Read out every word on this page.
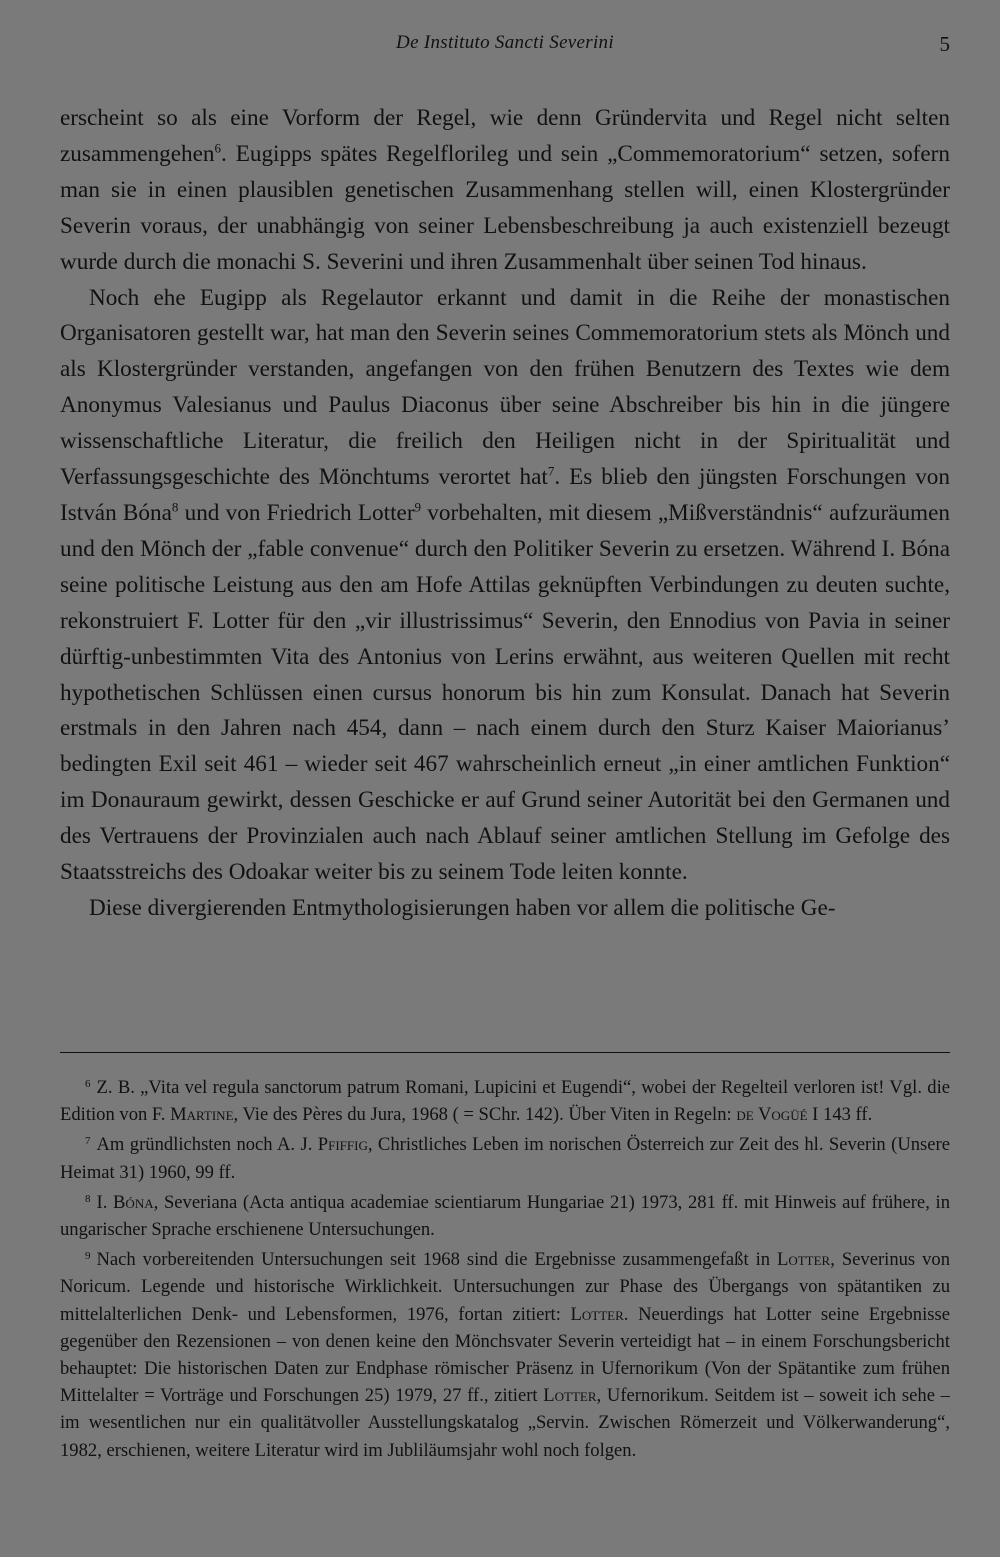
De Instituto Sancti Severini	5

erscheint so als eine Vorform der Regel, wie denn Gründervita und Regel nicht selten zusammengehen$^6$. Eugipps spätes Regelflorileg und sein „Commemoratorium“ setzen, sofern man sie in einen plausiblen genetischen Zusammenhang stellen will, einen Klostergründer Severin voraus, der unabhängig von seiner Lebensbeschreibung ja auch existenziell bezeugt wurde durch die monachi S. Severini und ihren Zusammenhalt über seinen Tod hinaus.

Noch ehe Eugipp als Regelautor erkannt und damit in die Reihe der monastischen Organisatoren gestellt war, hat man den Severin seines Commemoratorium stets als Mönch und als Klostergründer verstanden, angefangen von den frühen Benutzern des Textes wie dem Anonymus Valesianus und Paulus Diaconus über seine Abschreiber bis hin in die jüngere wissenschaftliche Literatur, die freilich den Heiligen nicht in der Spiritualität und Verfassungsgeschichte des Mönchtums verortet hat$^7$. Es blieb den jüngsten Forschungen von István Bóna$^8$ und von Friedrich Lotter$^9$ vorbehalten, mit diesem „Mißverständnis“ aufzuräumen und den Mönch der „fable convenue“ durch den Politiker Severin zu ersetzen. Während I. Bóna seine politische Leistung aus den am Hofe Attilas geknüpften Verbindungen zu deuten suchte, rekonstruiert F. Lotter für den „vir illustrissimus“ Severin, den Ennodius von Pavia in seiner dürftig-unbestimmten Vita des Antonius von Lerins erwähnt, aus weiteren Quellen mit recht hypothetischen Schlüssen einen cursus honorum bis hin zum Konsulat. Danach hat Severin erstmals in den Jahren nach 454, dann – nach einem durch den Sturz Kaiser Maiorianus’ bedingten Exil seit 461 – wieder seit 467 wahrscheinlich erneut „in einer amtlichen Funktion“ im Donauraum gewirkt, dessen Geschicke er auf Grund seiner Autorität bei den Germanen und des Vertrauens der Provinzialen auch nach Ablauf seiner amtlichen Stellung im Gefolge des Staatsstreichs des Odoakar weiter bis zu seinem Tode leiten konnte.

Diese divergierenden Entmythologisierungen haben vor allem die politische Ge-

$^6$ Z. B. „Vita vel regula sanctorum patrum Romani, Lupicini et Eugendi“, wobei der Regelteil verloren ist! Vgl. die Edition von F. Martine, Vie des Pères du Jura, 1968 ( = SChr. 142). Über Viten in Regeln: de Vogüé I 143 ff.

$^7$ Am gründlichsten noch A. J. Pfiffig, Christliches Leben im norischen Österreich zur Zeit des hl. Severin (Unsere Heimat 31) 1960, 99 ff.

$^8$ I. Bóna, Severiana (Acta antiqua academiae scientiarum Hungariae 21) 1973, 281 ff. mit Hinweis auf frühere, in ungarischer Sprache erschienene Untersuchungen.

$^9$ Nach vorbereitenden Untersuchungen seit 1968 sind die Ergebnisse zusammengefaßt in Lotter, Severinus von Noricum. Legende und historische Wirklichkeit. Untersuchungen zur Phase des Übergangs von spätantiken zu mittelalterlichen Denk- und Lebensformen, 1976, fortan zitiert: Lotter. Neuerdings hat Lotter seine Ergebnisse gegenüber den Rezensionen – von denen keine den Mönchsvater Severin verteidigt hat – in einem Forschungsbericht behauptet: Die historischen Daten zur Endphase römischer Präsenz in Ufernorikum (Von der Spätantike zum frühen Mittelalter = Vorträge und Forschungen 25) 1979, 27 ff., zitiert Lotter, Ufernorikum. Seitdem ist – soweit ich sehe – im wesentlichen nur ein qualitätvoller Ausstellungskatalog „Servin. Zwischen Römerzeit und Völkerwanderung“, 1982, erschienen, weitere Literatur wird im Jubliläumsjahr wohl noch folgen.
